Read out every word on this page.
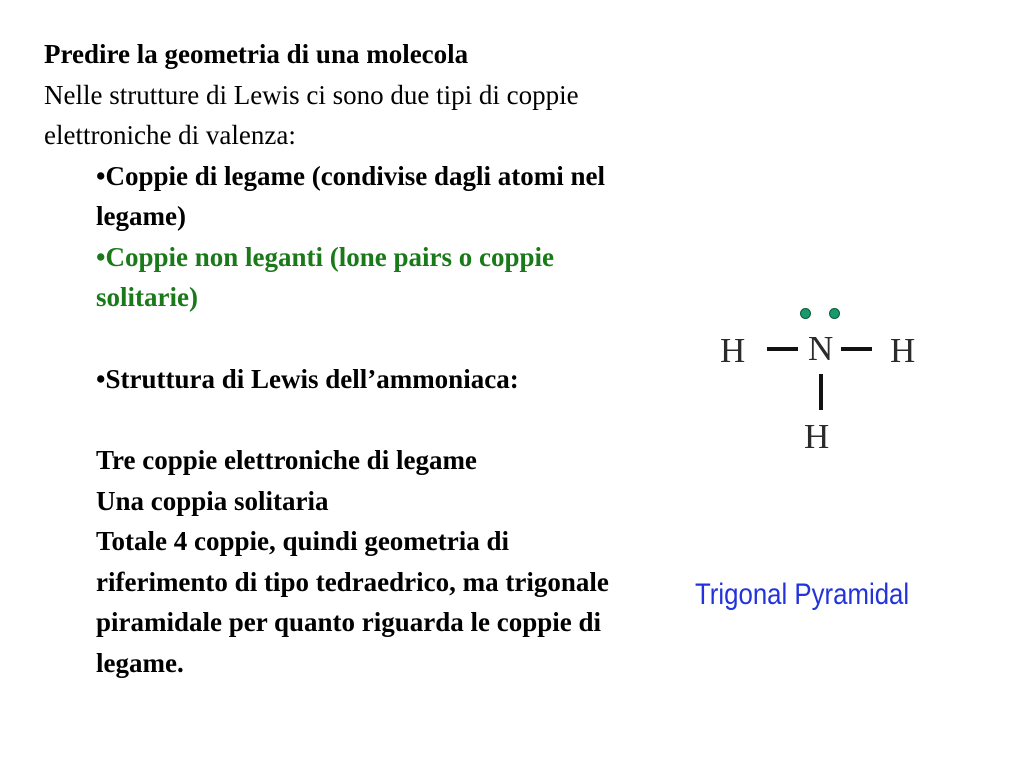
Predire la geometria di una molecola
Nelle strutture di Lewis ci sono due tipi di coppie elettroniche di valenza:
•Coppie di legame (condivise dagli atomi nel legame)
•Coppie non leganti (lone pairs o coppie solitarie)
•Struttura di Lewis dell’ammoniaca:
Tre coppie elettroniche di legame
Una coppia solitaria
Totale 4 coppie, quindi geometria di riferimento di tipo tedraedrico, ma trigonale piramidale per quanto riguarda le coppie di legame.
H N H
H
Trigonal Pyramidal
